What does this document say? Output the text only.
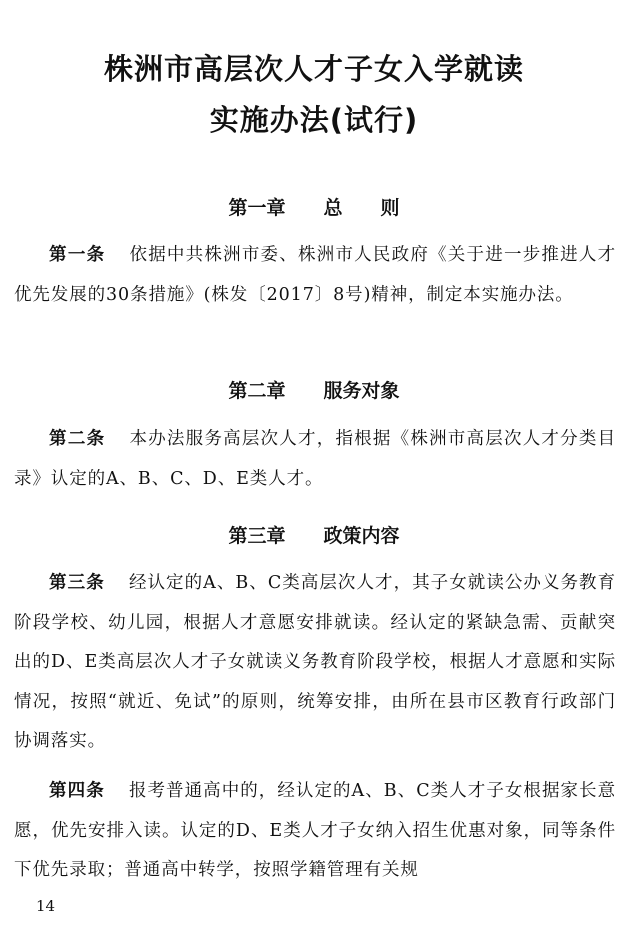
株洲市高层次人才子女入学就读
实施办法(试行)
第一章　　总　　则
第一条 依据中共株洲市委、株洲市人民政府《关于进一步推进人才优先发展的30条措施》(株发〔2017〕8号)精神，制定本实施办法。
第二章　　服务对象
第二条 本办法服务高层次人才，指根据《株洲市高层次人才分类目录》认定的A、B、C、D、E类人才。
第三章　　政策内容
第三条 经认定的A、B、C类高层次人才，其子女就读公办义务教育阶段学校、幼儿园，根据人才意愿安排就读。经认定的紧缺急需、贡献突出的D、E类高层次人才子女就读义务教育阶段学校，根据人才意愿和实际情况，按照“就近、免试”的原则，统筹安排，由所在县市区教育行政部门协调落实。
第四条 报考普通高中的，经认定的A、B、C类人才子女根据家长意愿，优先安排入读。认定的D、E类人才子女纳入招生优惠对象，同等条件下优先录取；普通高中转学，按照学籍管理有关规
14
